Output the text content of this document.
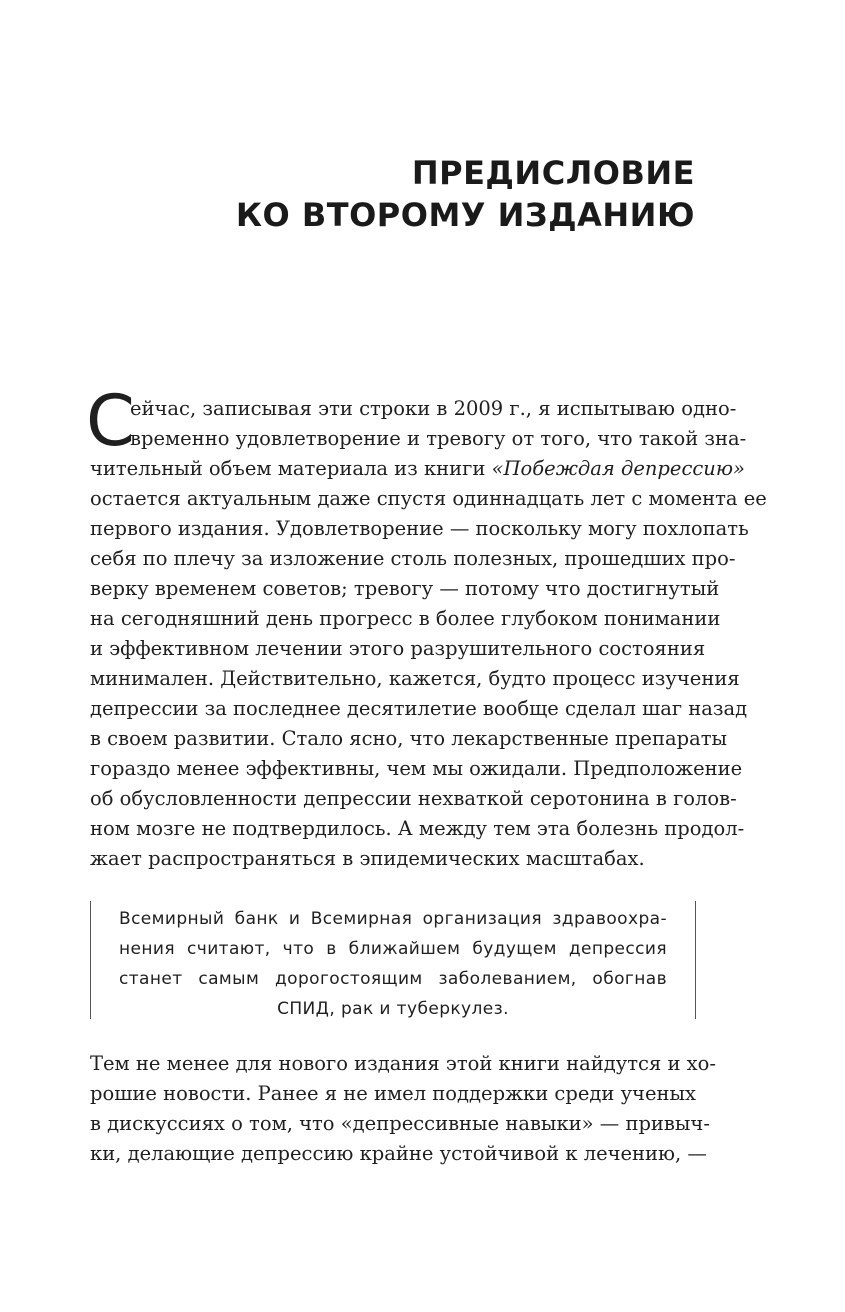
ПРЕДИСЛОВИЕ
КО ВТОРОМУ ИЗДАНИЮ
С
ейчас, записывая эти строки в 2009 г., я испытываю одно-
временно удовлетворение и тревогу от того, что такой зна-
чительный объем материала из книги «Побеждая депрессию»
остается актуальным даже спустя одиннадцать лет с момента ее
первого издания. Удовлетворение — поскольку могу похлопать
себя по плечу за изложение столь полезных, прошедших про-
верку временем советов; тревогу — потому что достигнутый
на сегодняшний день прогресс в более глубоком понимании
и эффективном лечении этого разрушительного состояния
минимален. Действительно, кажется, будто процесс изучения
депрессии за последнее десятилетие вообще сделал шаг назад
в своем развитии. Стало ясно, что лекарственные препараты
гораздо менее эффективны, чем мы ожидали. Предположение
об обусловленности депрессии нехваткой серотонина в голов-
ном мозге не подтвердилось. А между тем эта болезнь продол-
жает распространяться в эпидемических масштабах.
Всемирный банк и Всемирная организация здравоохра-
нения считают, что в ближайшем будущем депрессия
станет самым дорогостоящим заболеванием, обогнав
СПИД, рак и туберкулез.
Тем не менее для нового издания этой книги найдутся и хо-
рошие новости. Ранее я не имел поддержки среди ученых
в дискуссиях о том, что «депрессивные навыки» — привыч-
ки, делающие депрессию крайне устойчивой к лечению, —
